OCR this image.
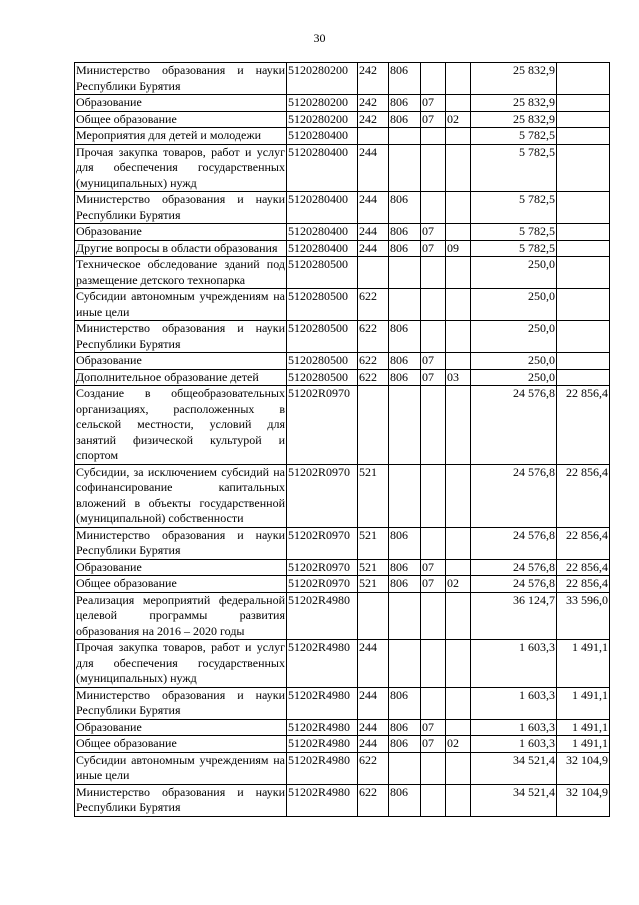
30
Министерство образования и науки Республики Бурятия	5120280200	242	806			25 832,9	
Образование	5120280200	242	806	07		25 832,9	
Общее образование	5120280200	242	806	07	02	25 832,9	
Мероприятия для детей и молодежи	5120280400					5 782,5	
Прочая закупка товаров, работ и услуг для обеспечения государственных (муниципальных) нужд	5120280400	244				5 782,5	
Министерство образования и науки Республики Бурятия	5120280400	244	806			5 782,5	
Образование	5120280400	244	806	07		5 782,5	
Другие вопросы в области образования	5120280400	244	806	07	09	5 782,5	
Техническое обследование зданий под размещение детского технопарка	5120280500					250,0	
Субсидии автономным учреждениям на иные цели	5120280500	622				250,0	
Министерство образования и науки Республики Бурятия	5120280500	622	806			250,0	
Образование	5120280500	622	806	07		250,0	
Дополнительное образование детей	5120280500	622	806	07	03	250,0	
Создание в общеобразовательных организациях, расположенных в сельской местности, условий для занятий физической культурой и спортом	51202R0970					24 576,8	22 856,4
Субсидии, за исключением субсидий на софинансирование капитальных вложений в объекты государственной (муниципальной) собственности	51202R0970	521				24 576,8	22 856,4
Министерство образования и науки Республики Бурятия	51202R0970	521	806			24 576,8	22 856,4
Образование	51202R0970	521	806	07		24 576,8	22 856,4
Общее образование	51202R0970	521	806	07	02	24 576,8	22 856,4
Реализация мероприятий федеральной целевой программы развития образования на 2016 – 2020 годы	51202R4980					36 124,7	33 596,0
Прочая закупка товаров, работ и услуг для обеспечения государственных (муниципальных) нужд	51202R4980	244				1 603,3	1 491,1
Министерство образования и науки Республики Бурятия	51202R4980	244	806			1 603,3	1 491,1
Образование	51202R4980	244	806	07		1 603,3	1 491,1
Общее образование	51202R4980	244	806	07	02	1 603,3	1 491,1
Субсидии автономным учреждениям на иные цели	51202R4980	622				34 521,4	32 104,9
Министерство образования и науки Республики Бурятия	51202R4980	622	806			34 521,4	32 104,9
